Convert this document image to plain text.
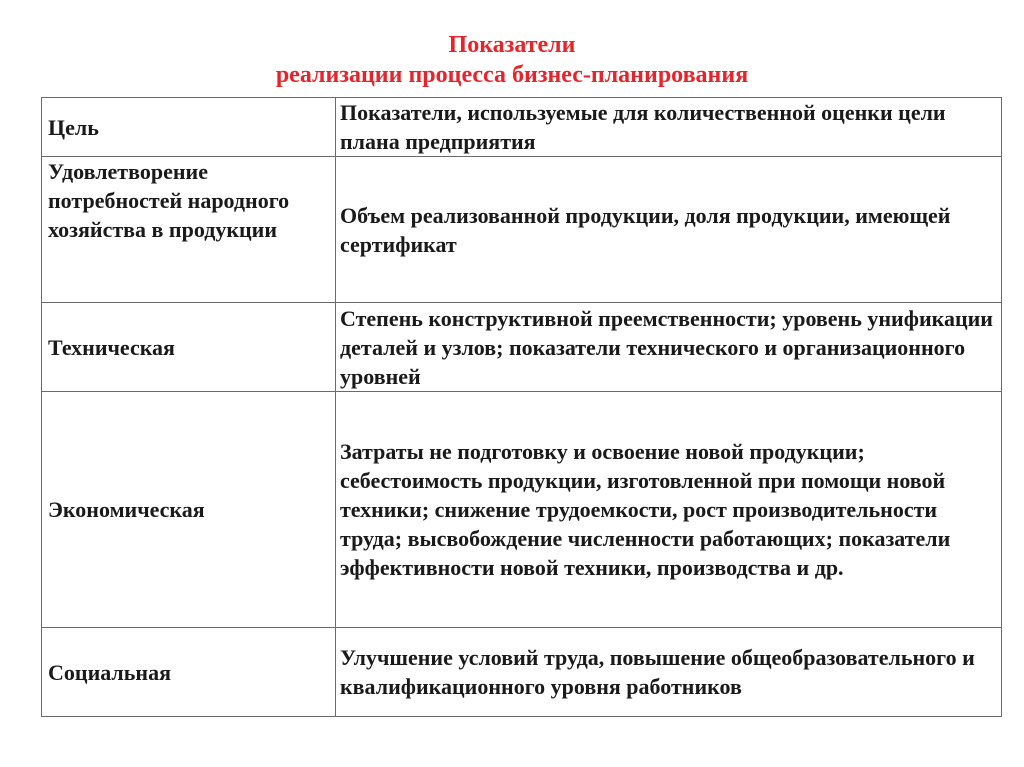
Показатели
реализации процесса бизнес-планирования
Цель	Показатели, используемые для количественной оценки цели плана предприятия
Удовлетворение потребностей народного хозяйства в продукции	Объем реализованной продукции, доля продукции, имеющей сертификат
Техническая	Степень конструктивной преемственности; уровень унификации деталей и узлов; показатели технического и организационного уровней
Экономическая	Затраты не подготовку и освоение новой продукции; себестоимость продукции, изготовленной при помощи новой техники; снижение трудоемкости, рост производительности труда; высвобождение численности работающих; показатели эффективности новой техники, производства и др.
Социальная	Улучшение условий труда, повышение общеобразовательного и квалификационного уровня работников
